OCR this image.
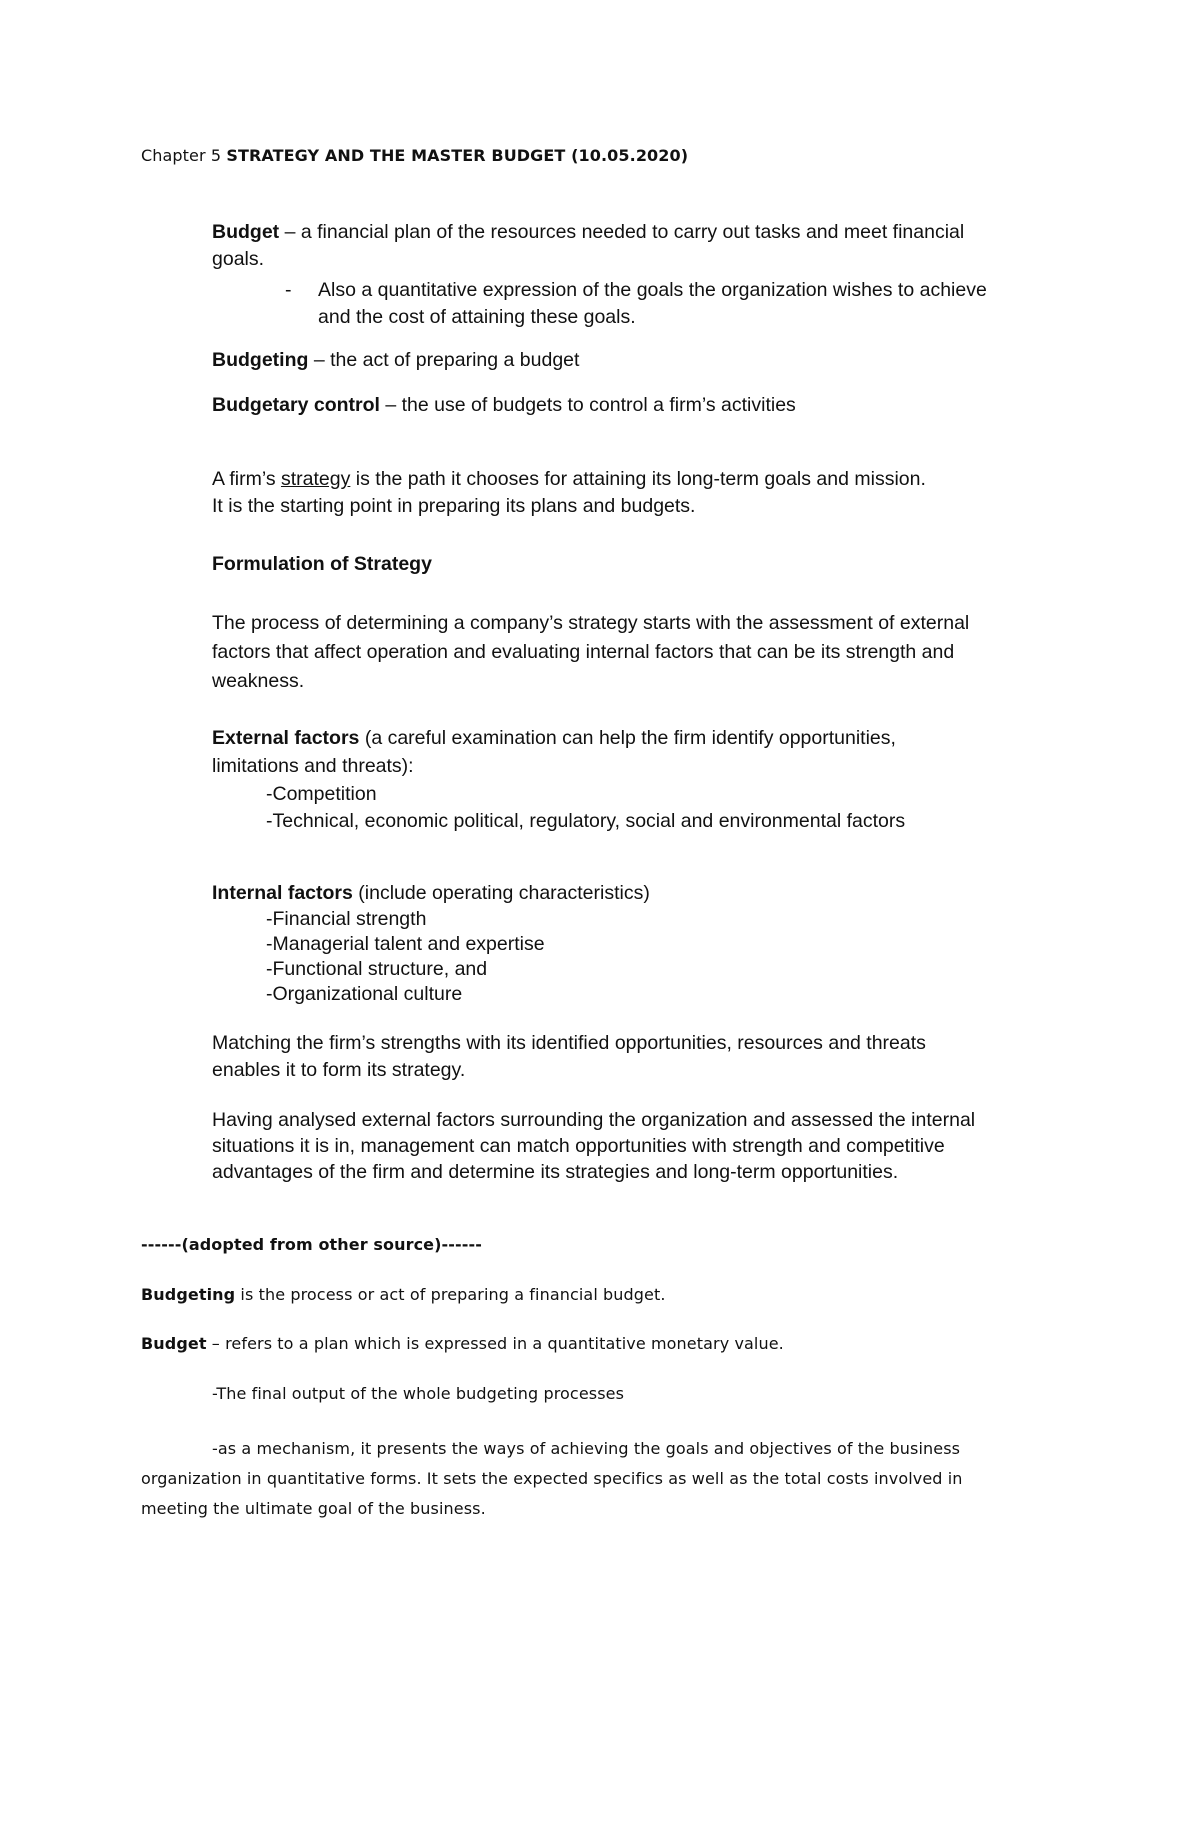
Chapter 5 STRATEGY AND THE MASTER BUDGET (10.05.2020)
Budget – a financial plan of the resources needed to carry out tasks and meet financial
goals.
- Also a quantitative expression of the goals the organization wishes to achieve
and the cost of attaining these goals.
Budgeting – the act of preparing a budget
Budgetary control – the use of budgets to control a firm’s activities
A firm’s strategy is the path it chooses for attaining its long-term goals and mission.
It is the starting point in preparing its plans and budgets.
Formulation of Strategy
The process of determining a company’s strategy starts with the assessment of external
factors that affect operation and evaluating internal factors that can be its strength and
weakness.
External factors (a careful examination can help the firm identify opportunities,
limitations and threats):
-Competition
-Technical, economic political, regulatory, social and environmental factors
Internal factors (include operating characteristics)
-Financial strength
-Managerial talent and expertise
-Functional structure, and
-Organizational culture
Matching the firm’s strengths with its identified opportunities, resources and threats
enables it to form its strategy.
Having analysed external factors surrounding the organization and assessed the internal
situations it is in, management can match opportunities with strength and competitive
advantages of the firm and determine its strategies and long-term opportunities.
------(adopted from other source)------
Budgeting is the process or act of preparing a financial budget.
Budget – refers to a plan which is expressed in a quantitative monetary value.
-The final output of the whole budgeting processes
-as a mechanism, it presents the ways of achieving the goals and objectives of the business
organization in quantitative forms. It sets the expected specifics as well as the total costs involved in
meeting the ultimate goal of the business.
